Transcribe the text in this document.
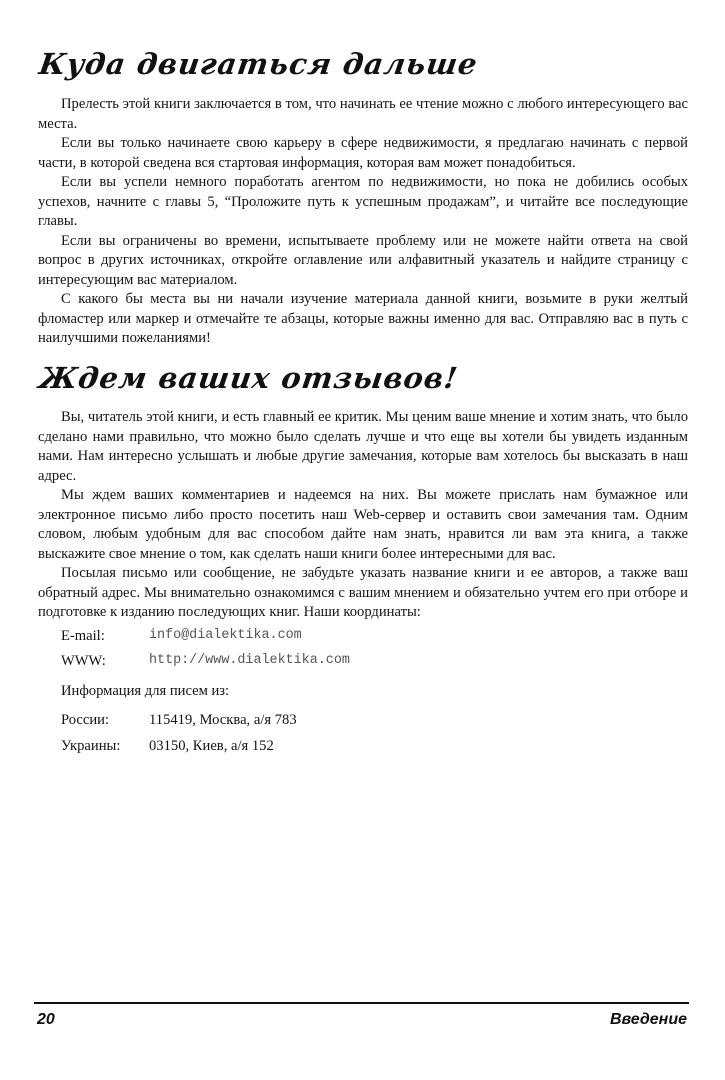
Куда двигаться дальше

Прелесть этой книги заключается в том, что начинать ее чтение можно с любого интересующего вас места.

Если вы только начинаете свою карьеру в сфере недвижимости, я предлагаю начинать с первой части, в которой сведена вся стартовая информация, которая вам может понадобиться.

Если вы успели немного поработать агентом по недвижимости, но пока не добились особых успехов, начните с главы 5, “Проложите путь к успешным продажам”, и читайте все последующие главы.

Если вы ограничены во времени, испытываете проблему или не можете найти ответа на свой вопрос в других источниках, откройте оглавление или алфавитный указатель и найдите страницу с интересующим вас материалом.

С какого бы места вы ни начали изучение материала данной книги, возьмите в руки желтый фломастер или маркер и отмечайте те абзацы, которые важны именно для вас. Отправляю вас в путь с наилучшими пожеланиями!

Ждем ваших отзывов!

Вы, читатель этой книги, и есть главный ее критик. Мы ценим ваше мнение и хотим знать, что было сделано нами правильно, что можно было сделать лучше и что еще вы хотели бы увидеть изданным нами. Нам интересно услышать и любые другие замечания, которые вам хотелось бы высказать в наш адрес.

Мы ждем ваших комментариев и надеемся на них. Вы можете прислать нам бумажное или электронное письмо либо просто посетить наш Web-сервер и оставить свои замечания там. Одним словом, любым удобным для вас способом дайте нам знать, нравится ли вам эта книга, а также выскажите свое мнение о том, как сделать наши книги более интересными для вас.

Посылая письмо или сообщение, не забудьте указать название книги и ее авторов, а также ваш обратный адрес. Мы внимательно ознакомимся с вашим мнением и обязательно учтем его при отборе и подготовке к изданию последующих книг. Наши координаты:

E-mail:	info@dialektika.com
WWW:	http://www.dialektika.com
Информация для писем из:
России:	115419, Москва, а/я 783
Украины: 03150, Киев, а/я 152
20	Введение
